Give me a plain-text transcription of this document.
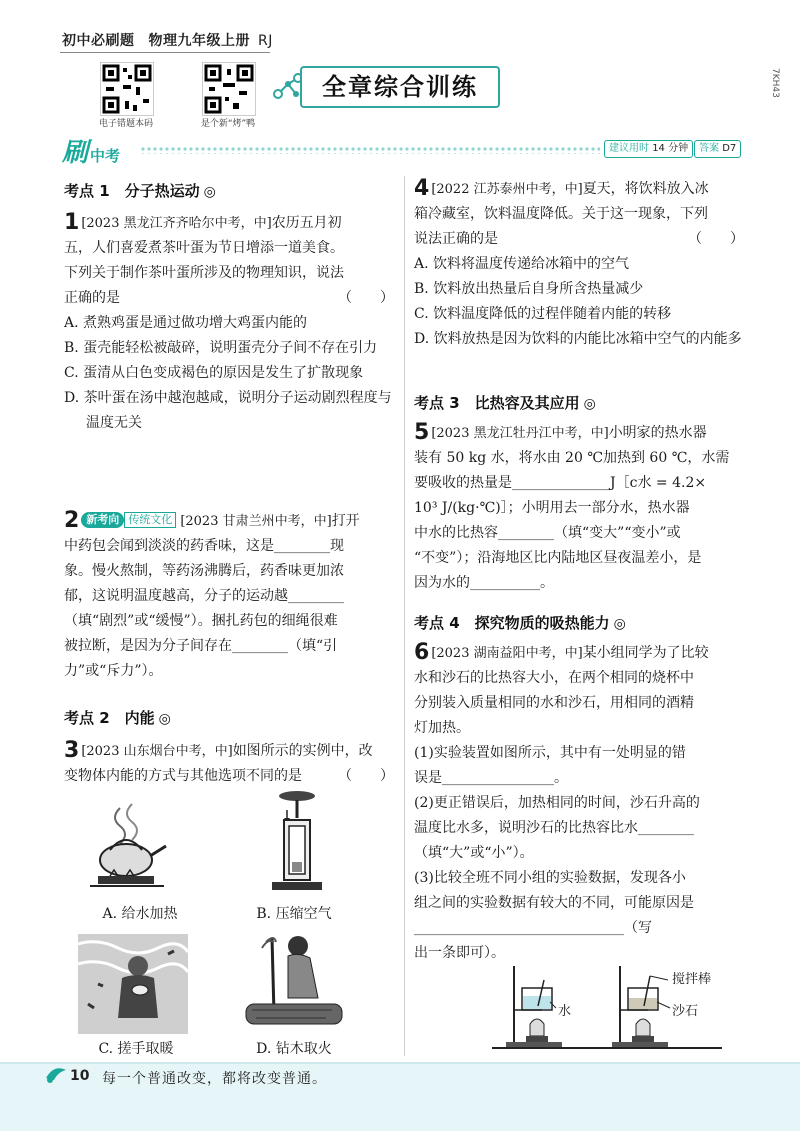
初中必刷题 物理九年级上册 RJ
7KH43
电子错题本码	是个新“烤”鸭
全章综合训练
刷中考	建议用时 14 分钟	答案 D7
考点 1　分子热运动 ◎
1 [2023 黑龙江齐齐哈尔中考，中]农历五月初
五，人们喜爱煮茶叶蛋为节日增添一道美食。
下列关于制作茶叶蛋所涉及的物理知识，说法
正确的是	（　　）
A. 煮熟鸡蛋是通过做功增大鸡蛋内能的
B. 蛋壳能轻松被敲碎，说明蛋壳分子间不存在引力
C. 蛋清从白色变成褐色的原因是发生了扩散现象
D. 茶叶蛋在汤中越泡越咸，说明分子运动剧烈程度与温度无关
2 新考向 传统文化 [2023 甘肃兰州中考，中]打开
中药包会闻到淡淡的药香味，这是________现
象。慢火熬制，等药汤沸腾后，药香味更加浓
郁，这说明温度越高，分子的运动越________
（填“剧烈”或“缓慢”）。捆扎药包的细绳很难
被拉断，是因为分子间存在________（填“引
力”或“斥力”）。
考点 2　内能 ◎
3 [2023 山东烟台中考，中]如图所示的实例中，改
变物体内能的方式与其他选项不同的是	（　　）
A. 给水加热	B. 压缩空气
C. 搓手取暖	D. 钻木取火
4 [2022 江苏泰州中考，中]夏天，将饮料放入冰
箱冷藏室，饮料温度降低。关于这一现象，下列
说法正确的是	（　　）
A. 饮料将温度传递给冰箱中的空气
B. 饮料放出热量后自身所含热量减少
C. 饮料温度降低的过程伴随着内能的转移
D. 饮料放热是因为饮料的内能比冰箱中空气的内能多
考点 3　比热容及其应用 ◎
5 [2023 黑龙江牡丹江中考，中]小明家的热水器
装有 50 kg 水，将水由 20 ℃加热到 60 ℃，水需
要吸收的热量是______________J［c水 = 4.2×
10³ J/(kg·℃)］；小明用去一部分水，热水器
中水的比热容________（填“变大”“变小”或
“不变”）；沿海地区比内陆地区昼夜温差小，是
因为水的__________。
考点 4　探究物质的吸热能力 ◎
6 [2023 湖南益阳中考，中]某小组同学为了比较
水和沙石的比热容大小，在两个相同的烧杯中
分别装入质量相同的水和沙石，用相同的酒精
灯加热。
(1)实验装置如图所示，其中有一处明显的错
误是________________。
(2)更正错误后，加热相同的时间，沙石升高的
温度比水多，说明沙石的比热容比水________
（填“大”或“小”）。
(3)比较全班不同小组的实验数据，发现各小
组之间的实验数据有较大的不同，可能原因是
______________________________（写
出一条即可）。
搅拌棒
水	沙石
10 每一个普通改变，都将改变普通。
